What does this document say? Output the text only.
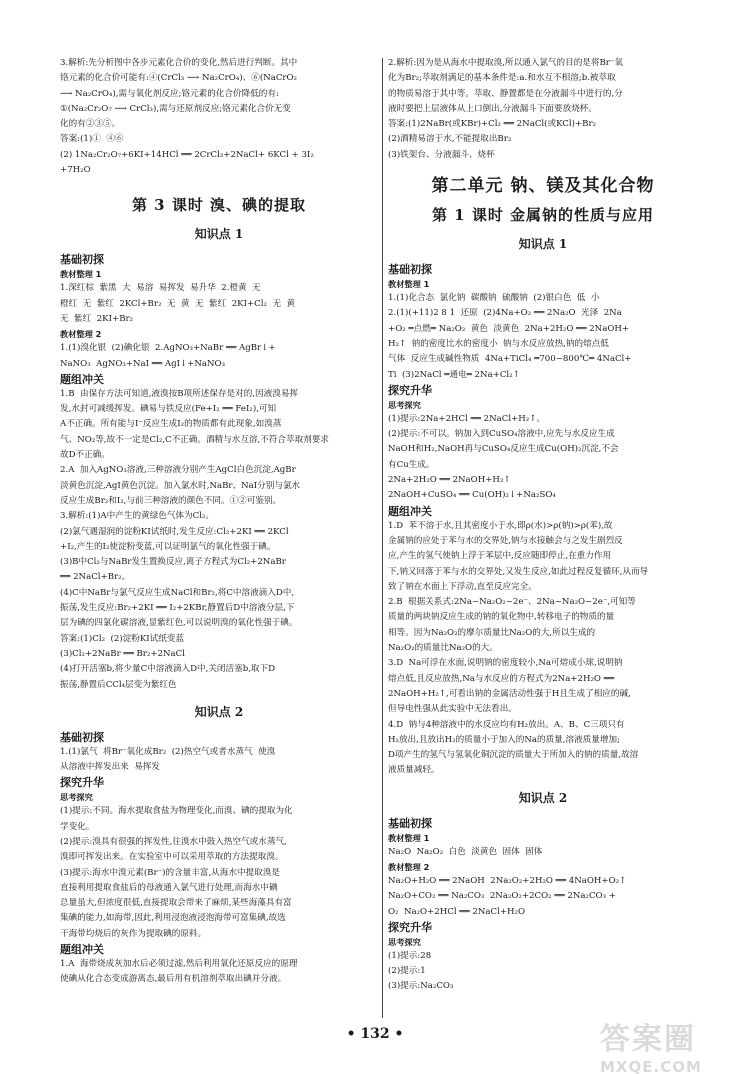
3.解析:先分析图中各步元素化合价的变化,然后进行判断。其中
铬元素的化合价可能有:④(CrCl₃ ⟶ Na₂CrO₄)、⑥(NaCrO₂
⟶ Na₂CrO₄),需与氧化剂反应;铬元素的化合价降低的有:
①(Na₂Cr₂O₇ ⟶ CrCl₃),需与还原剂反应;铬元素化合价无变
化的有②③⑤。
答案:(1)①  ④⑥
(2) 1Na₂Cr₂O₇+6KI+14HCl ══ 2CrCl₃+2NaCl+ 6KCl + 3I₂
+7H₂O
第 3 课时 溴、碘的提取
知识点 1
基础初探
教材整理 1
1.深红棕  紫黑  大  易溶  易挥发  易升华  2.橙黄  无
橙红  无  紫红  2KCl+Br₂  无  黄  无  紫红  2KI+Cl₂  无  黄
无  紫红  2KI+Br₂
教材整理 2
1.(1)溴化银  (2)碘化银  2.AgNO₃+NaBr ══ AgBr↓+
NaNO₃  AgNO₃+NaI ══ AgI↓+NaNO₃
题组冲关
1.B  由保存方法可知道,液溴按B项所述保存是对的,因液溴易挥
发,水封可减缓挥发。碘易与铁反应(Fe+I₂ ══ FeI₂),可知
A不正确。所有能与I⁻反应生成I₂的物质都有此现象,如溴蒸
气、NO₂等,故不一定是Cl₂,C不正确。酒精与水互溶,不符合萃取剂要求
故D不正确。
2.A  加入AgNO₃溶液,三种溶液分别产生AgCl白色沉淀,AgBr
淡黄色沉淀,AgI黄色沉淀。加入氯水时,NaBr、NaI分别与氯水
反应生成Br₂和I₂,与前三种溶液的颜色不同。①②可鉴别。
3.解析:(1)A中产生的黄绿色气体为Cl₂。
(2)氯气遇湿润的淀粉KI试纸时,发生反应:Cl₂+2KI ══ 2KCl
+I₂,产生的I₂使淀粉变蓝,可以证明氯气的氧化性强于碘。
(3)B中Cl₂与NaBr发生置换反应,离子方程式为Cl₂+2NaBr
══ 2NaCl+Br₂。
(4)C中NaBr与氯气反应生成NaCl和Br₂,将C中溶液滴入D中,
振荡,发生反应:Br₂+2KI ══ I₂+2KBr,静置后D中溶液分层,下
层为碘的四氯化碳溶液,显紫红色,可以说明溴的氧化性强于碘。
答案:(1)Cl₂  (2)淀粉KI试纸变蓝
(3)Cl₂+2NaBr ══ Br₂+2NaCl
(4)打开活塞b,将少量C中溶液滴入D中,关闭活塞b,取下D
振荡,静置后CCl₄层变为紫红色
知识点 2
基础初探
1.(1)氯气  将Br⁻氧化成Br₂  (2)热空气或者水蒸气  使溴
从溶液中挥发出来  易挥发
探究升华
思考探究
(1)提示:不同。海水提取食盐为物理变化,而溴、碘的提取为化
学变化。
(2)提示:溴具有很强的挥发性,往溴水中鼓入热空气或水蒸气,
溴即可挥发出来。在实验室中可以采用萃取的方法提取溴。
(3)提示:海水中溴元素(Br⁻)的含量丰富,从海水中提取溴是
直接利用提取食盐后的母液通入氯气进行处理,而海水中碘
总量虽大,但浓度很低,直接提取会带来了麻烦,某些海藻具有富
集碘的能力,如海带,因此,利用浸泡液浸泡海带可富集碘,故选
干海带均烧后的灰作为提取碘的原料。
题组冲关
1.A  海带烧成灰加水后必须过滤,然后利用氧化还原反应的原理
使碘从化合态变成游离态,最后用有机溶剂萃取出碘并分液。
2.解析:因为是从海水中提取溴,所以通入氯气的目的是将Br⁻氧
化为Br₂;萃取剂满足的基本条件是:a.和水互不相溶;b.被萃取
的物质易溶于其中等。萃取、静置都是在分液漏斗中进行的,分
液时要把上层液体从上口倒出,分液漏斗下面要放烧杯。
答案:(1)2NaBr(或KBr)+Cl₂ ══ 2NaCl(或KCl)+Br₂
(2)酒精易溶于水,不能提取出Br₂
(3)铁架台、分液漏斗、烧杯
第二单元 钠、镁及其化合物
第 1 课时 金属钠的性质与应用
知识点 1
基础初探
教材整理 1
1.(1)化合态  氯化钠  碳酸钠  硫酸钠  (2)银白色  低  小
2.(1)(+11)2 8 1  还原  (2)4Na+O₂ ══ 2Na₂O  光泽  2Na
+O₂ ═点燃═ Na₂O₂  黄色  淡黄色  2Na+2H₂O ══ 2NaOH+
H₂↑  钠的密度比水的密度小  钠与水反应放热,钠的熔点低
气体  反应生成碱性物质  4Na+TiCl₄ ═700~800℃═ 4NaCl+
Ti  (3)2NaCl ═通电═ 2Na+Cl₂↑
探究升华
思考探究
(1)提示:2Na+2HCl ══ 2NaCl+H₂↑。
(2)提示:不可以。钠加入到CuSO₄溶液中,应先与水反应生成
NaOH和H₂,NaOH再与CuSO₄反应生成Cu(OH)₂沉淀,不会
有Cu生成。
2Na+2H₂O ══ 2NaOH+H₂↑
2NaOH+CuSO₄ ══ Cu(OH)₂↓+Na₂SO₄
题组冲关
1.D  苯不溶于水,且其密度小于水,即ρ(水)>ρ(钠)>ρ(苯),故
金属钠的应处于苯与水的交界处,钠与水接触会与之发生剧烈反
应,产生的氢气使钠上浮于苯层中,反应随即停止,在重力作用
下,钠又回落于苯与水的交界处,又发生反应,如此过程反复循环,从而导
致了钠在水面上下浮动,直至反应完全。
2.B  根据关系式:2Na~Na₂O₂~2e⁻、2Na~Na₂O~2e⁻,可知等
质量的两块钠反应生成的钠的氧化物中,转移电子的物质的量
相等。因为Na₂O₂的摩尔质量比Na₂O的大,所以生成的
Na₂O₂的质量比Na₂O的大。
3.D  Na可浮在水面,说明钠的密度较小,Na可熔成小球,说明钠
熔点低,且反应放热,Na与水反应的方程式为2Na+2H₂O ══
2NaOH+H₂↑,可看出钠的金属活动性强于H且生成了相应的碱,
但导电性强从此实验中无法看出。
4.D  钠与4种溶液中的水反应均有H₂放出。A、B、C三项只有
H₂放出,且放出H₂的质量小于加入的Na的质量,溶液质量增加;
D项产生的氢气与氢氧化铜沉淀的质量大于所加入的钠的质量,故溶
液质量减轻。
知识点 2
基础初探
教材整理 1
Na₂O  Na₂O₂  白色  淡黄色  固体  固体
教材整理 2
Na₂O+H₂O ══ 2NaOH  2Na₂O₂+2H₂O ══ 4NaOH+O₂↑
Na₂O+CO₂ ══ Na₂CO₃  2Na₂O₂+2CO₂ ══ 2Na₂CO₃ +
O₂  Na₂O+2HCl ══ 2NaCl+H₂O
探究升华
思考探究
(1)提示:28
(2)提示:1
(3)提示:Na₂CO₃
• 132 •	答案圈
MXQE.COM
